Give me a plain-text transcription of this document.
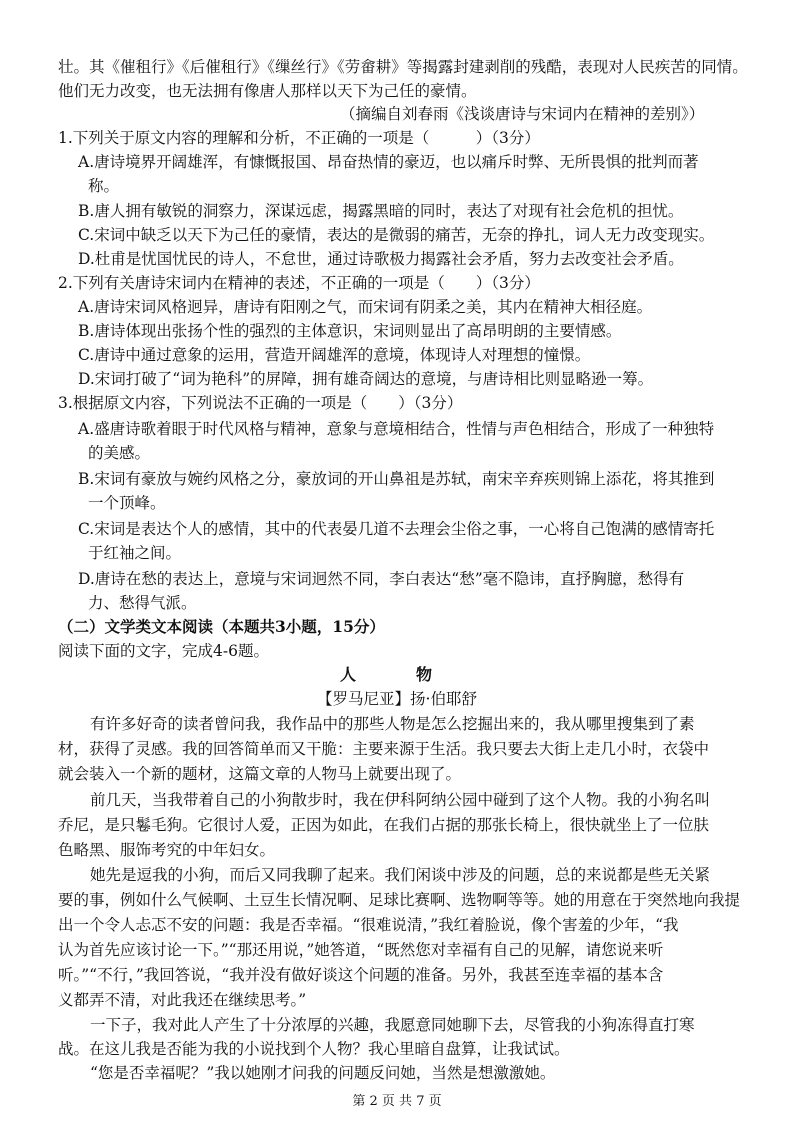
壮。其《催租行》《后催租行》《缫丝行》《劳畲耕》等揭露封建剥削的残酷，表现对人民疾苦的同情。
他们无力改变，也无法拥有像唐人那样以天下为己任的豪情。
（摘编自刘春雨《浅谈唐诗与宋词内在精神的差别》）
1.下列关于原文内容的理解和分析，不正确的一项是（　　　）（3分）
A.唐诗境界开阔雄浑，有慷慨报国、昂奋热情的豪迈，也以痛斥时弊、无所畏惧的批判而著
称。
B.唐人拥有敏锐的洞察力，深谋远虑，揭露黑暗的同时，表达了对现有社会危机的担忧。
C.宋词中缺乏以天下为己任的豪情，表达的是微弱的痛苦，无奈的挣扎，词人无力改变现实。
D.杜甫是忧国忧民的诗人，不怠世，通过诗歌极力揭露社会矛盾，努力去改变社会矛盾。
2.下列有关唐诗宋词内在精神的表述，不正确的一项是（　　）（3分）
A.唐诗宋词风格迥异，唐诗有阳刚之气，而宋词有阴柔之美，其内在精神大相径庭。
B.唐诗体现出张扬个性的强烈的主体意识，宋词则显出了高昂明朗的主要情感。
C.唐诗中通过意象的运用，营造开阔雄浑的意境，体现诗人对理想的憧憬。
D.宋词打破了“词为艳科”的屏障，拥有雄奇阔达的意境，与唐诗相比则显略逊一筹。
3.根据原文内容，下列说法不正确的一项是（　　）（3分）
A.盛唐诗歌着眼于时代风格与精神，意象与意境相结合，性情与声色相结合，形成了一种独特
的美感。
B.宋词有豪放与婉约风格之分，豪放词的开山鼻祖是苏轼，南宋辛弃疾则锦上添花，将其推到
一个顶峰。
C.宋词是表达个人的感情，其中的代表晏几道不去理会尘俗之事，一心将自己饱满的感情寄托
于红袖之间。
D.唐诗在愁的表达上，意境与宋词迥然不同，李白表达“愁”毫不隐讳，直抒胸臆，愁得有
力、愁得气派。
（二）文学类文本阅读（本题共3小题，15分）
阅读下面的文字，完成4-6题。
人　物
【罗马尼亚】扬·伯耶舒
有许多好奇的读者曾问我，我作品中的那些人物是怎么挖掘出来的，我从哪里搜集到了素
材，获得了灵感。我的回答简单而又干脆：主要来源于生活。我只要去大街上走几小时，衣袋中
就会装入一个新的题材，这篇文章的人物马上就要出现了。
前几天，当我带着自己的小狗散步时，我在伊科阿纳公园中碰到了这个人物。我的小狗名叫
乔尼，是只鬈毛狗。它很讨人爱，正因为如此，在我们占据的那张长椅上，很快就坐上了一位肤
色略黑、服饰考究的中年妇女。
她先是逗我的小狗，而后又同我聊了起来。我们闲谈中涉及的问题，总的来说都是些无关紧
要的事，例如什么气候啊、土豆生长情况啊、足球比赛啊、选物啊等等。她的用意在于突然地向我提
出一个令人忐忑不安的问题：我是否幸福。“很难说清，”我红着脸说，像个害羞的少年，“我
认为首先应该讨论一下。”“那还用说，”她答道，“既然您对幸福有自己的见解，请您说来听
听。”“不行，”我回答说，“我并没有做好谈这个问题的准备。另外，我甚至连幸福的基本含
义都弄不清，对此我还在继续思考。”
一下子，我对此人产生了十分浓厚的兴趣，我愿意同她聊下去，尽管我的小狗冻得直打寒
战。在这儿我是否能为我的小说找到个人物？我心里暗自盘算，让我试试。
“您是否幸福呢？”我以她刚才问我的问题反问她，当然是想激激她。
第 2 页 共 7 页
